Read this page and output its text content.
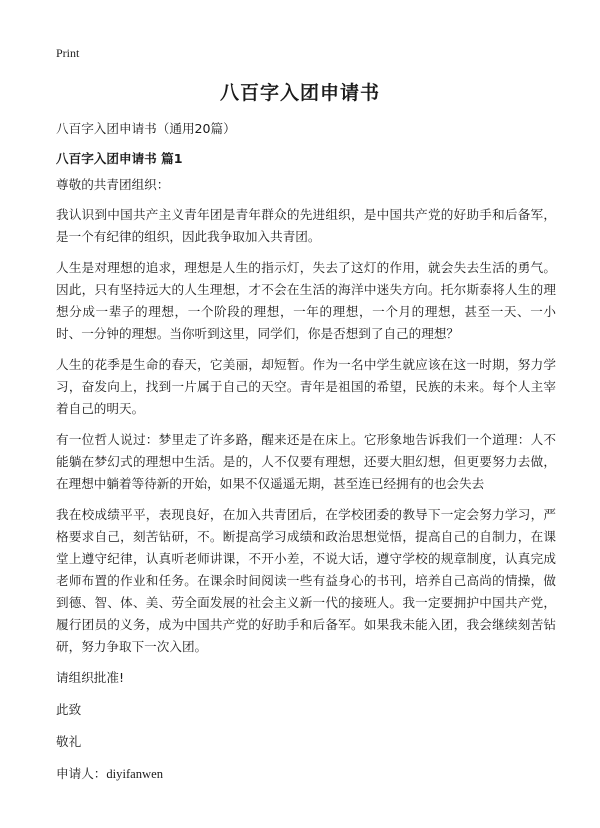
Print
八百字入团申请书

八百字入团申请书（通用20篇）

八百字入团申请书 篇1

尊敬的共青团组织：

我认识到中国共产主义青年团是青年群众的先进组织，是中国共产党的好助手和后备军，是一个有纪律的组织，因此我争取加入共青团。

人生是对理想的追求，理想是人生的指示灯，失去了这灯的作用，就会失去生活的勇气。因此，只有坚持远大的人生理想，才不会在生活的海洋中迷失方向。托尔斯泰将人生的理想分成一辈子的理想，一个阶段的理想，一年的理想，一个月的理想，甚至一天、一小时、一分钟的理想。当你听到这里，同学们，你是否想到了自己的理想？

人生的花季是生命的春天，它美丽，却短暂。作为一名中学生就应该在这一时期，努力学习，奋发向上，找到一片属于自己的天空。青年是祖国的希望，民族的未来。每个人主宰着自己的明天。

有一位哲人说过：梦里走了许多路，醒来还是在床上。它形象地告诉我们一个道理：人不能躺在梦幻式的理想中生活。是的，人不仅要有理想，还要大胆幻想，但更要努力去做，在理想中躺着等待新的开始，如果不仅遥遥无期，甚至连已经拥有的也会失去

我在校成绩平平，表现良好，在加入共青团后，在学校团委的教导下一定会努力学习，严格要求自己，刻苦钻研，不。断提高学习成绩和政治思想觉悟，提高自己的自制力，在课堂上遵守纪律，认真听老师讲课，不开小差，不说大话，遵守学校的规章制度，认真完成老师布置的作业和任务。在课余时间阅读一些有益身心的书刊，培养自己高尚的情操，做到德、智、体、美、劳全面发展的社会主义新一代的接班人。我一定要拥护中国共产党，履行团员的义务，成为中国共产党的好助手和后备军。如果我未能入团，我会继续刻苦钻研，努力争取下一次入团。

请组织批准!

此致

敬礼

申请人：diyifanwen
